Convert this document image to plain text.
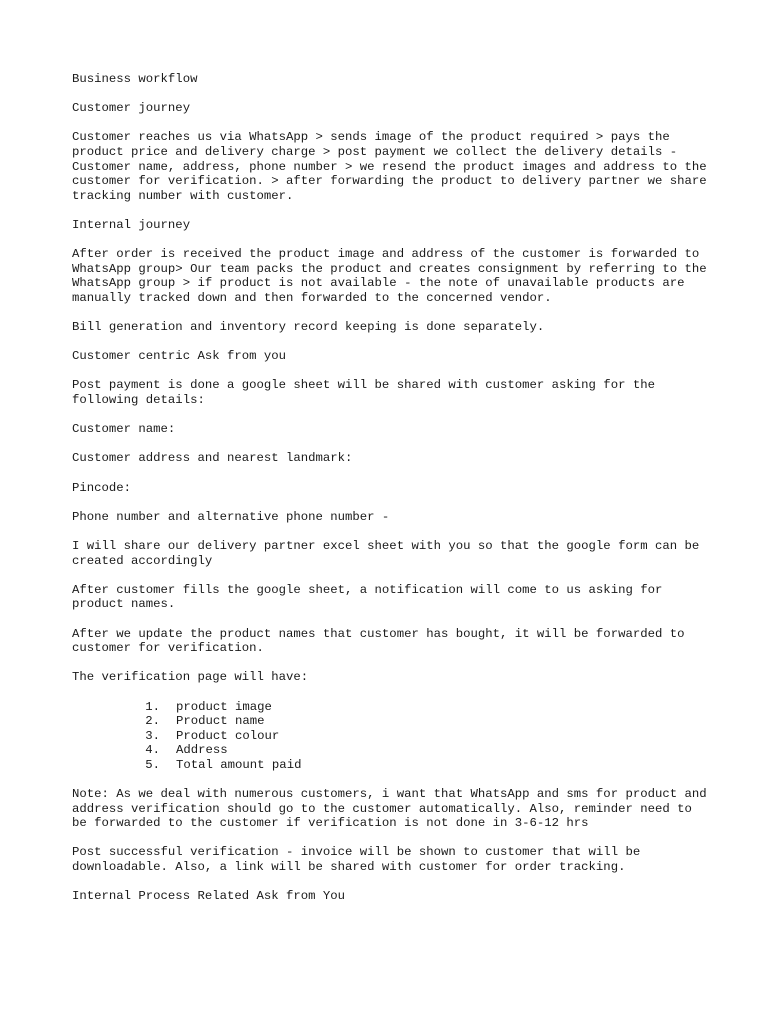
Business workflow

Customer journey

Customer reaches us via WhatsApp > sends image of the product required > pays the product price and delivery charge > post payment we collect the delivery details - Customer name, address, phone number > we resend the product images and address to the customer for verification. > after forwarding the product to delivery partner we share tracking number with customer.

Internal journey

After order is received the product image and address of the customer is forwarded to WhatsApp group> Our team packs the product and creates consignment by referring to the WhatsApp group > if product is not available - the note of unavailable products are manually tracked down and then forwarded to the concerned vendor.

Bill generation and inventory record keeping is done separately.

Customer centric Ask from you

Post payment is done a google sheet will be shared with customer asking for the following details:

Customer name:

Customer address and nearest landmark:

Pincode:

Phone number and alternative phone number -

I will share our delivery partner excel sheet with you so that the google form can be created accordingly

After customer fills the google sheet, a notification will come to us asking for product names.

After we update the product names that customer has bought, it will be forwarded to customer for verification.

The verification page will have:

1.	product image
2.	Product name
3.	Product colour
4.	Address
5.	Total amount paid

Note: As we deal with numerous customers, i want that WhatsApp and sms for product and address verification should go to the customer automatically. Also, reminder need to be forwarded to the customer if verification is not done in 3-6-12 hrs

Post successful verification - invoice will be shown to customer that will be downloadable. Also, a link will be shared with customer for order tracking.

Internal Process Related Ask from You
